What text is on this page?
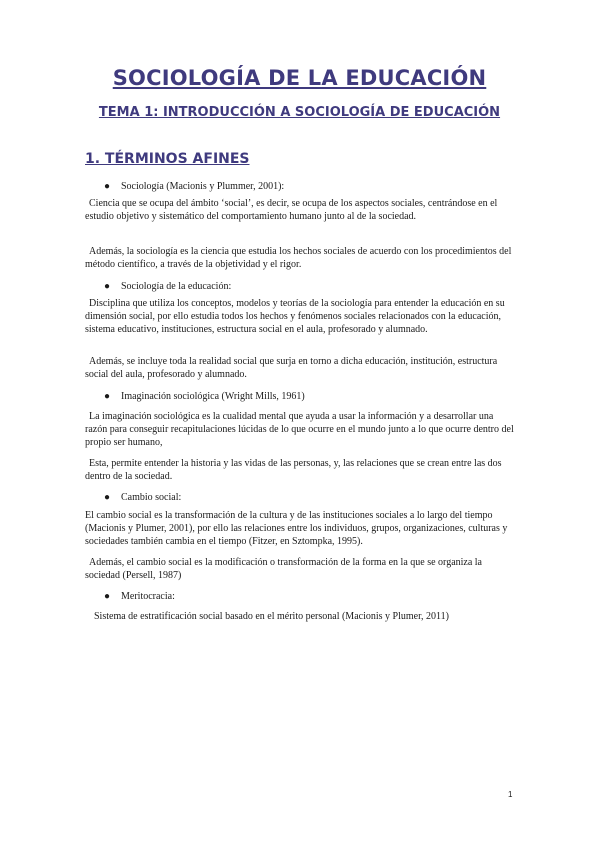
SOCIOLOGÍA DE LA EDUCACIÓN
TEMA 1: INTRODUCCIÓN A SOCIOLOGÍA DE EDUCACIÓN
1. TÉRMINOS AFINES
● Sociología (Macionis y Plummer, 2001):

Ciencia que se ocupa del ámbito ‘social’, es decir, se ocupa de los aspectos sociales, centrándose en el estudio objetivo y sistemático del comportamiento humano junto al de la sociedad.

Además, la sociología es la ciencia que estudia los hechos sociales de acuerdo con los procedimientos del método científico, a través de la objetividad y el rigor.

● Sociología de la educación:

Disciplina que utiliza los conceptos, modelos y teorías de la sociología para entender la educación en su dimensión social, por ello estudia todos los hechos y fenómenos sociales relacionados con la educación, sistema educativo, instituciones, estructura social en el aula, profesorado y alumnado.

Además, se incluye toda la realidad social que surja en torno a dicha educación, institución, estructura social del aula, profesorado y alumnado.

● Imaginación sociológica (Wright Mills, 1961)

La imaginación sociológica es la cualidad mental que ayuda a usar la información y a desarrollar una razón para conseguir recapitulaciones lúcidas de lo que ocurre en el mundo junto a lo que ocurre dentro del propio ser humano,

Esta, permite entender la historia y las vidas de las personas, y, las relaciones que se crean entre las dos dentro de la sociedad.

● Cambio social:

El cambio social es la transformación de la cultura y de las instituciones sociales a lo largo del tiempo (Macionis y Plumer, 2001), por ello las relaciones entre los individuos, grupos, organizaciones, culturas y sociedades también cambia en el tiempo (Fitzer, en Sztompka, 1995).

Además, el cambio social es la modificación o transformación de la forma en la que se organiza la sociedad (Persell, 1987)

● Meritocracia:

Sistema de estratificación social basado en el mérito personal (Macionis y Plumer, 2011)

1
